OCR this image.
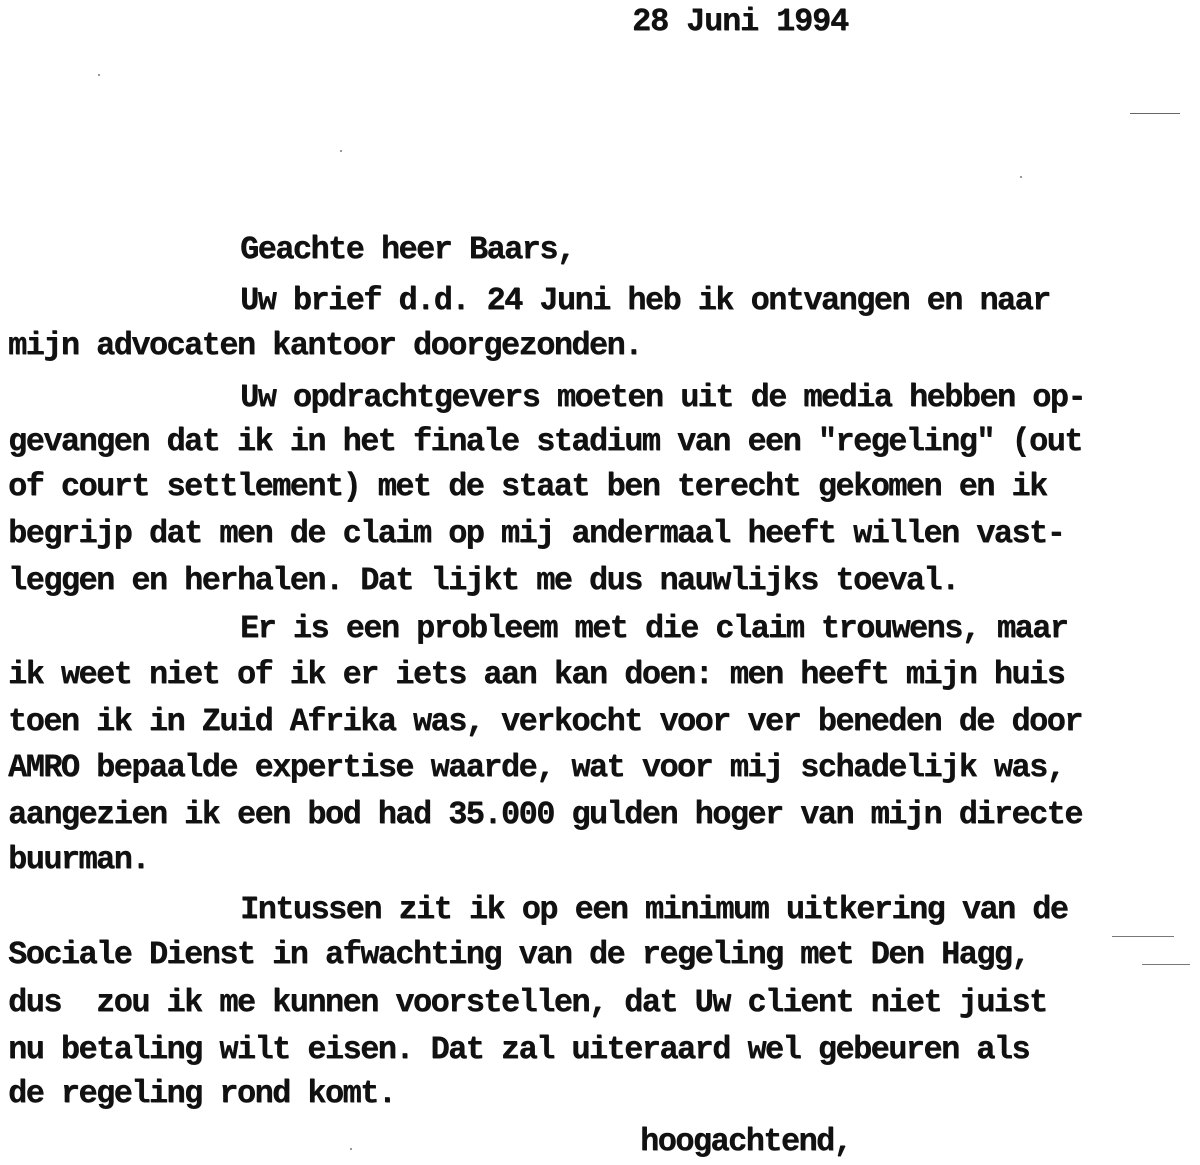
28 Juni 1994
Geachte heer Baars,
Uw brief d.d. 24 Juni heb ik ontvangen en naar
mijn advocaten kantoor doorgezonden.
Uw opdrachtgevers moeten uit de media hebben op-
gevangen dat ik in het finale stadium van een "regeling" (out
of court settlement) met de staat ben terecht gekomen en ik
begrijp dat men de claim op mij andermaal heeft willen vast-
leggen en herhalen. Dat lijkt me dus nauwlijks toeval.
Er is een probleem met die claim trouwens, maar
ik weet niet of ik er iets aan kan doen: men heeft mijn huis
toen ik in Zuid Afrika was, verkocht voor ver beneden de door
AMRO bepaalde expertise waarde, wat voor mij schadelijk was,
aangezien ik een bod had 35.000 gulden hoger van mijn directe
buurman.
Intussen zit ik op een minimum uitkering van de
Sociale Dienst in afwachting van de regeling met Den Hagg,
dus  zou ik me kunnen voorstellen, dat Uw client niet juist
nu betaling wilt eisen. Dat zal uiteraard wel gebeuren als
de regeling rond komt.
hoogachtend,
